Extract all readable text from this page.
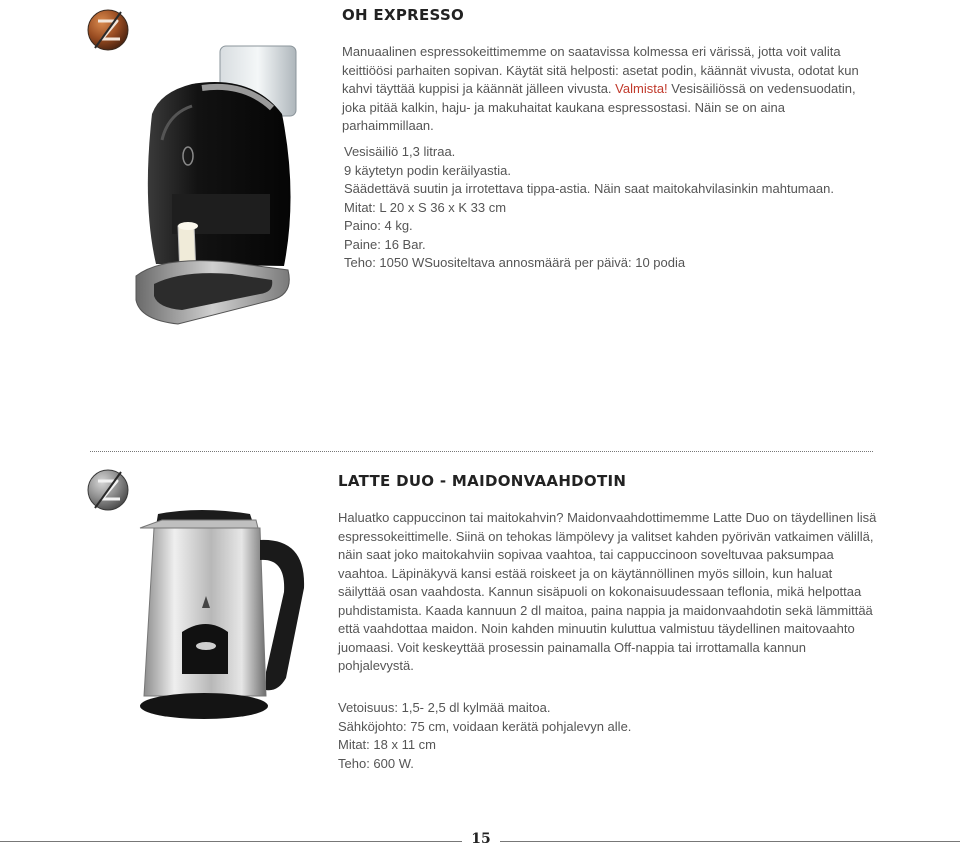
OH EXPRESSO

Manuaalinen espressokeittimemme on saatavissa kolmessa eri värissä, jotta voit valita keittiöösi parhaiten sopivan. Käytät sitä helposti: asetat podin, käännät vivusta, odotat kun kahvi täyttää kuppisi ja käännät jälleen vivusta. Valmista! Vesisäiliössä on vedensuodatin, joka pitää kalkin, haju- ja makuhaitat kaukana espressostasi. Näin se on aina parhaimmillaan.

Vesisäiliö 1,3 litraa.
9 käytetyn podin keräilyastia.
Säädettävä suutin ja irrotettava tippa-astia. Näin saat maitokahvilasinkin mahtumaan.
Mitat: L 20 x S 36 x K 33 cm
Paino: 4 kg.
Paine: 16 Bar.
Teho: 1050 WSuositeltava annosmäärä per päivä: 10 podia
LATTE DUO - MAIDONVAAHDOTIN

Haluatko cappuccinon tai maitokahvin? Maidonvaahdottimemme Latte Duo on täydellinen lisä espressokeittimelle. Siinä on tehokas lämpölevy ja valitset kahden pyörivän vatkaimen välillä, näin saat joko maitokahviin sopivaa vaahtoa, tai cappuccinoon soveltuvaa paksumpaa vaahtoa. Läpinäkyvä kansi estää roiskeet ja on käytännöllinen myös silloin, kun haluat säilyttää osan vaahdosta. Kannun sisäpuoli on kokonaisuudessaan teflonia, mikä helpottaa puhdistamista. Kaada kannuun 2 dl maitoa, paina nappia ja maidonvaahdotin sekä lämmittää että vaahdottaa maidon. Noin kahden minuutin kuluttua valmistuu täydellinen maitovaahto juomaasi. Voit keskeyttää prosessin painamalla Off-nappia tai irrottamalla kannun pohjalevystä.

Vetoisuus: 1,5- 2,5 dl kylmää maitoa.
Sähköjohto: 75 cm, voidaan kerätä pohjalevyn alle.
Mitat: 18 x 11 cm
Teho: 600 W.
15
